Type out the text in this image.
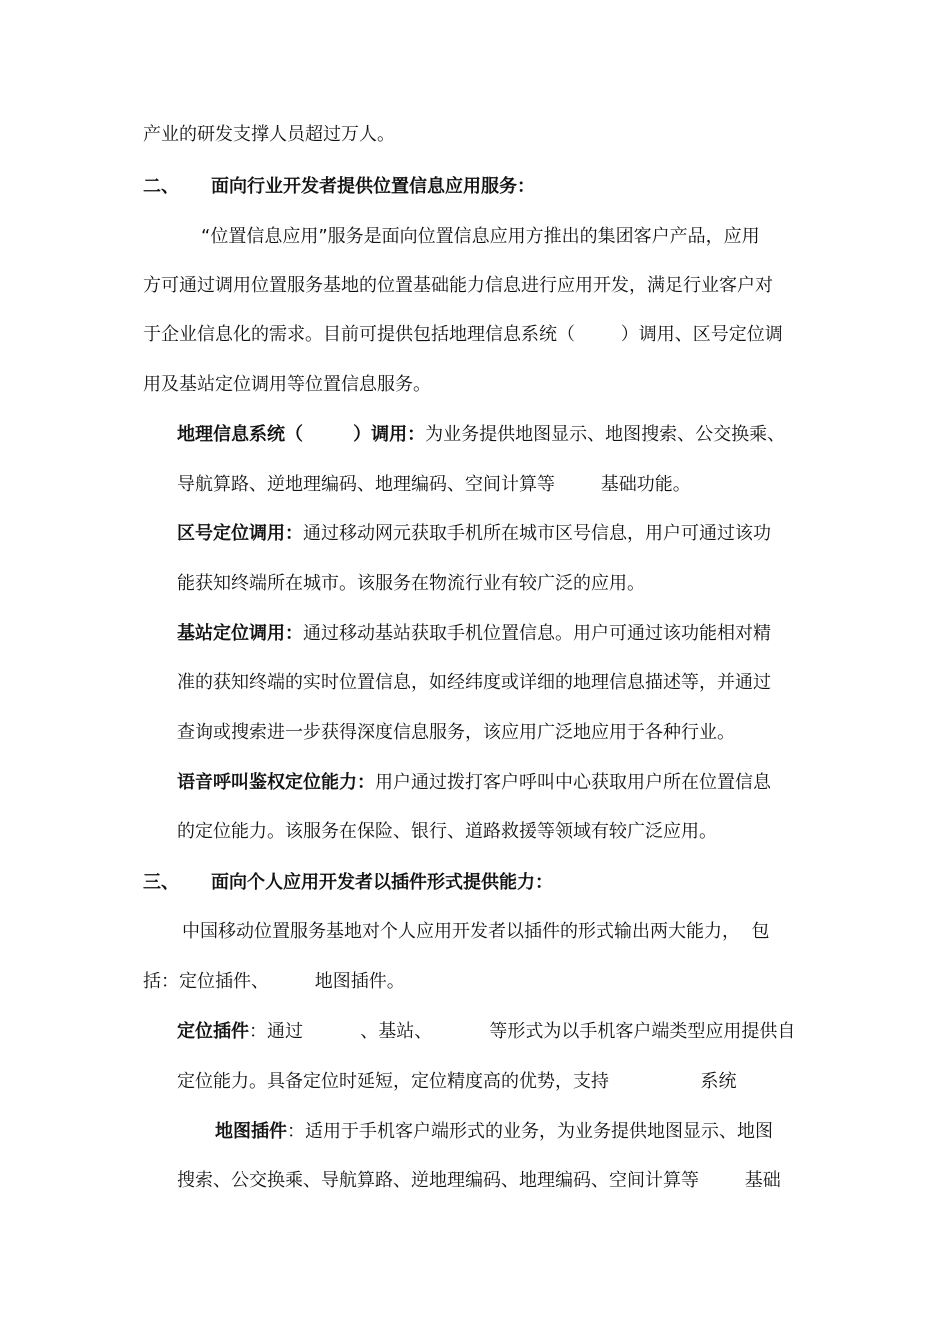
产业的研发支撑人员超过万人。

二、 面向行业开发者提供位置信息应用服务：

“位置信息应用”服务是面向位置信息应用方推出的集团客户产品，应用

方可通过调用位置服务基地的位置基础能力信息进行应用开发，满足行业客户对

于企业信息化的需求。目前可提供包括地理信息系统（        ）调用、区号定位调

用及基站定位调用等位置信息服务。

地理信息系统（        ）调用：为业务提供地图显示、地图搜索、公交换乘、

导航算路、逆地理编码、地理编码、空间计算等        基础功能。

区号定位调用：通过移动网元获取手机所在城市区号信息，用户可通过该功

能获知终端所在城市。该服务在物流行业有较广泛的应用。

基站定位调用：通过移动基站获取手机位置信息。用户可通过该功能相对精

准的获知终端的实时位置信息，如经纬度或详细的地理信息描述等，并通过

查询或搜索进一步获得深度信息服务，该应用广泛地应用于各种行业。

语音呼叫鉴权定位能力：用户通过拨打客户呼叫中心获取用户所在位置信息

的定位能力。该服务在保险、银行、道路救援等领域有较广泛应用。

三、 面向个人应用开发者以插件形式提供能力：

中国移动位置服务基地对个人应用开发者以插件的形式输出两大能力，  包

括：定位插件、        地图插件。

定位插件：通过          、基站、          等形式为以手机客户端类型应用提供自

定位能力。具备定位时延短，定位精度高的优势，支持                系统

地图插件：适用于手机客户端形式的业务，为业务提供地图显示、地图

搜索、公交换乘、导航算路、逆地理编码、地理编码、空间计算等        基础
